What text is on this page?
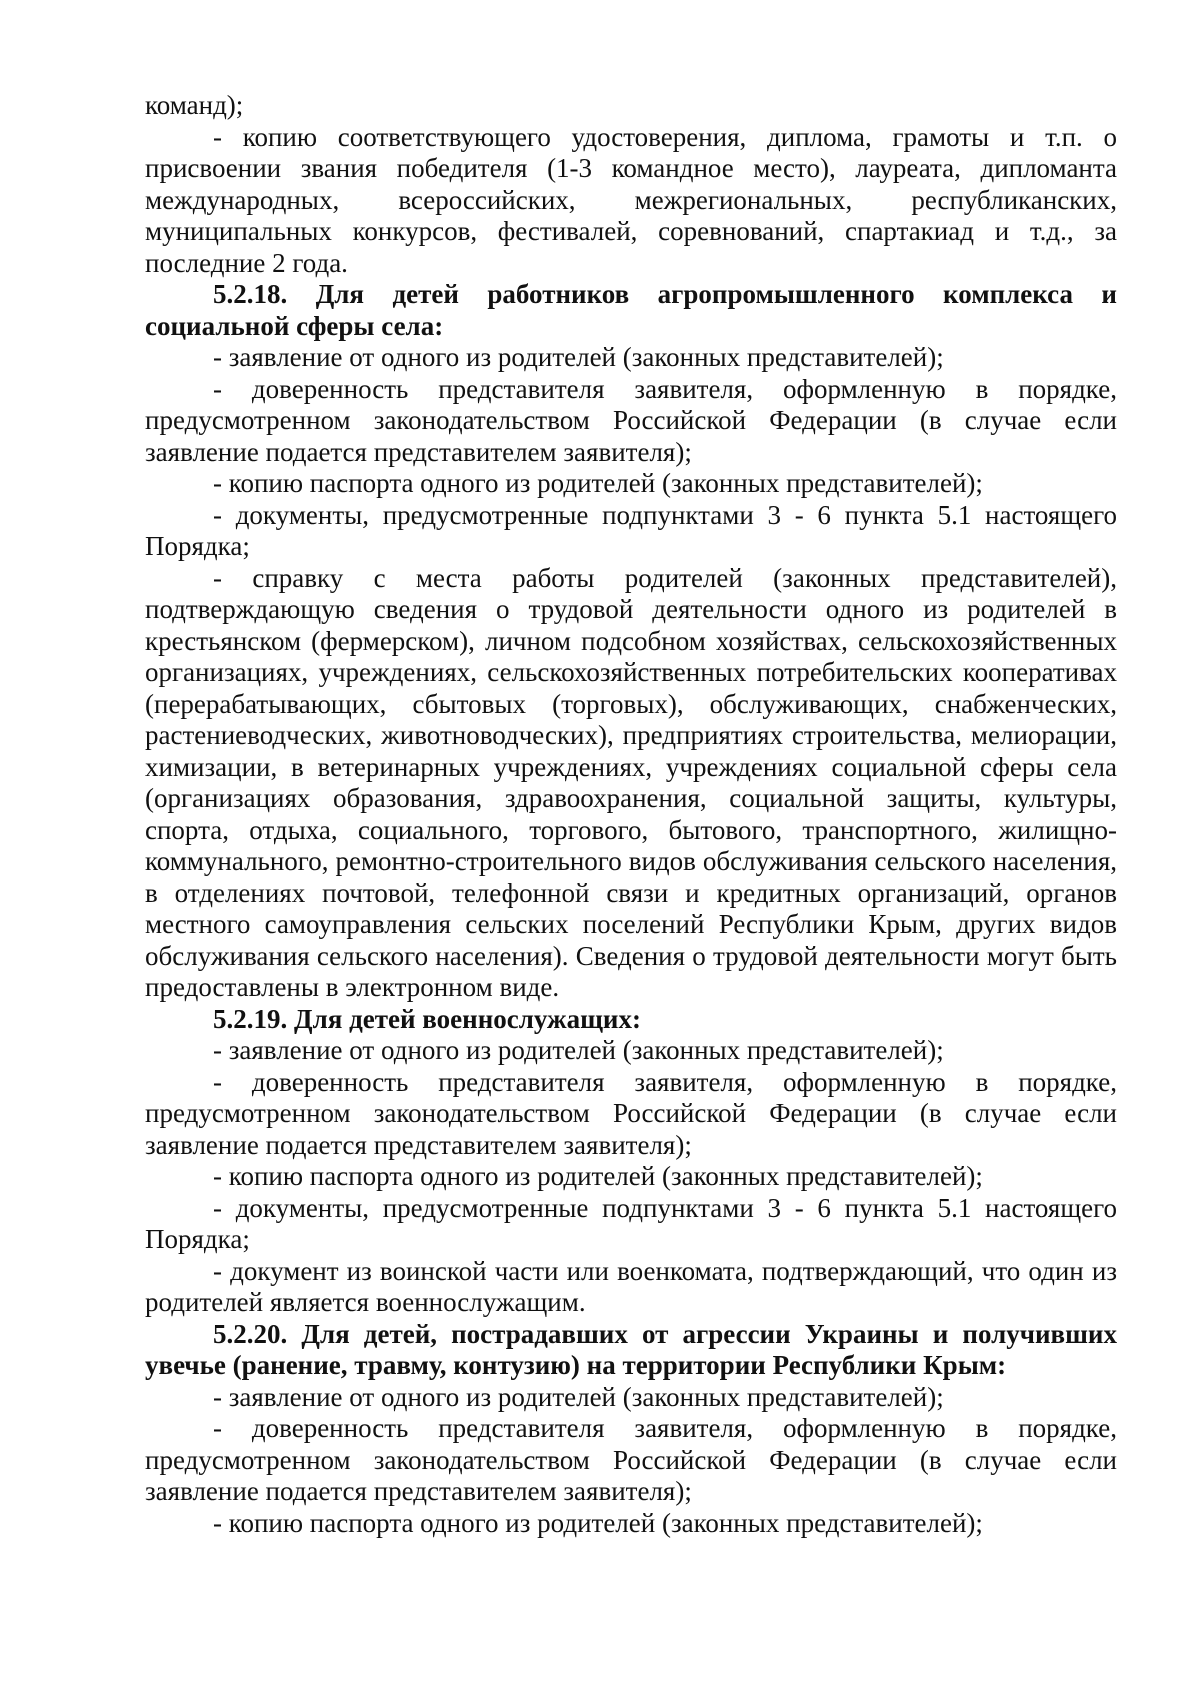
команд);

- копию соответствующего удостоверения, диплома, грамоты и т.п. о присвоении звания победителя (1-3 командное место), лауреата, дипломанта международных, всероссийских, межрегиональных, республиканских, муниципальных конкурсов, фестивалей, соревнований, спартакиад и т.д., за последние 2 года.

5.2.18. Для детей работников агропромышленного комплекса и социальной сферы села:

- заявление от одного из родителей (законных представителей);

- доверенность представителя заявителя, оформленную в порядке, предусмотренном законодательством Российской Федерации (в случае если заявление подается представителем заявителя);

- копию паспорта одного из родителей (законных представителей);

- документы, предусмотренные подпунктами 3 - 6 пункта 5.1 настоящего Порядка;

- справку с места работы родителей (законных представителей), подтверждающую сведения о трудовой деятельности одного из родителей в крестьянском (фермерском), личном подсобном хозяйствах, сельскохозяйственных организациях, учреждениях, сельскохозяйственных потребительских кооперативах (перерабатывающих, сбытовых (торговых), обслуживающих, снабженческих, растениеводческих, животноводческих), предприятиях строительства, мелиорации, химизации, в ветеринарных учреждениях, учреждениях социальной сферы села (организациях образования, здравоохранения, социальной защиты, культуры, спорта, отдыха, социального, торгового, бытового, транспортного, жилищно-коммунального, ремонтно-строительного видов обслуживания сельского населения, в отделениях почтовой, телефонной связи и кредитных организаций, органов местного самоуправления сельских поселений Республики Крым, других видов обслуживания сельского населения). Сведения о трудовой деятельности могут быть предоставлены в электронном виде.

5.2.19. Для детей военнослужащих:

- заявление от одного из родителей (законных представителей);

- доверенность представителя заявителя, оформленную в порядке, предусмотренном законодательством Российской Федерации (в случае если заявление подается представителем заявителя);

- копию паспорта одного из родителей (законных представителей);

- документы, предусмотренные подпунктами 3 - 6 пункта 5.1 настоящего Порядка;

- документ из воинской части или военкомата, подтверждающий, что один из родителей является военнослужащим.

5.2.20. Для детей, пострадавших от агрессии Украины и получивших увечье (ранение, травму, контузию) на территории Республики Крым:

- заявление от одного из родителей (законных представителей);

- доверенность представителя заявителя, оформленную в порядке, предусмотренном законодательством Российской Федерации (в случае если заявление подается представителем заявителя);

- копию паспорта одного из родителей (законных представителей);
